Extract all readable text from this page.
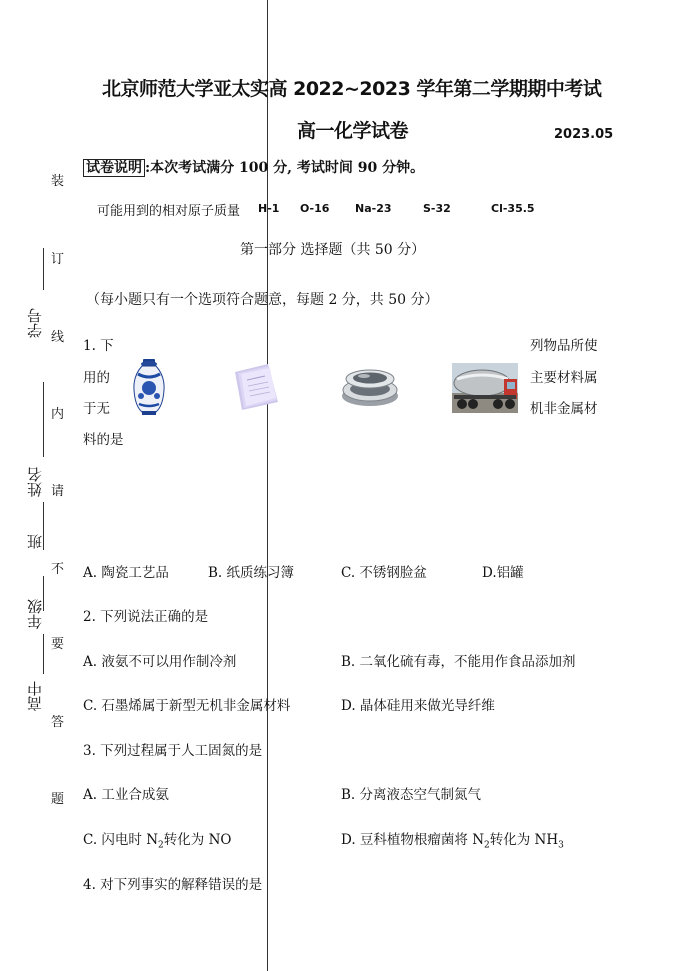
装
订
线
内
请
不
要
答
题
学号
姓名
班
年级
高中
北京师范大学亚太实高 2022~2023 学年第二学期期中考试
高一化学试卷	2023.05
试卷说明 :本次考试满分 100 分, 考试时间 90 分钟。
可能用到的相对原子质量 H-1 O-16 Na-23	S-32	Cl-35.5
第一部分 选择题（共 50 分）
（每小题只有一个选项符合题意，每题 2 分，共 50 分）
1. 下
用的
于无
料的是
列物品所使
主要材料属
机非金属材
A. 陶瓷工艺品	B. 纸质练习簿	C. 不锈钢脸盆	D.铝罐
2. 下列说法正确的是
A. 液氨不可以用作制冷剂	B. 二氧化硫有毒，不能用作食品添加剂
C. 石墨烯属于新型无机非金属材料	D. 晶体硅用来做光导纤维
3. 下列过程属于人工固氮的是
A. 工业合成氨	B. 分离液态空气制氮气
C. 闪电时 $N_2$转化为 NO	D. 豆科植物根瘤菌将 $N_2$转化为 $NH_3$
4. 对下列事实的解释错误的是
